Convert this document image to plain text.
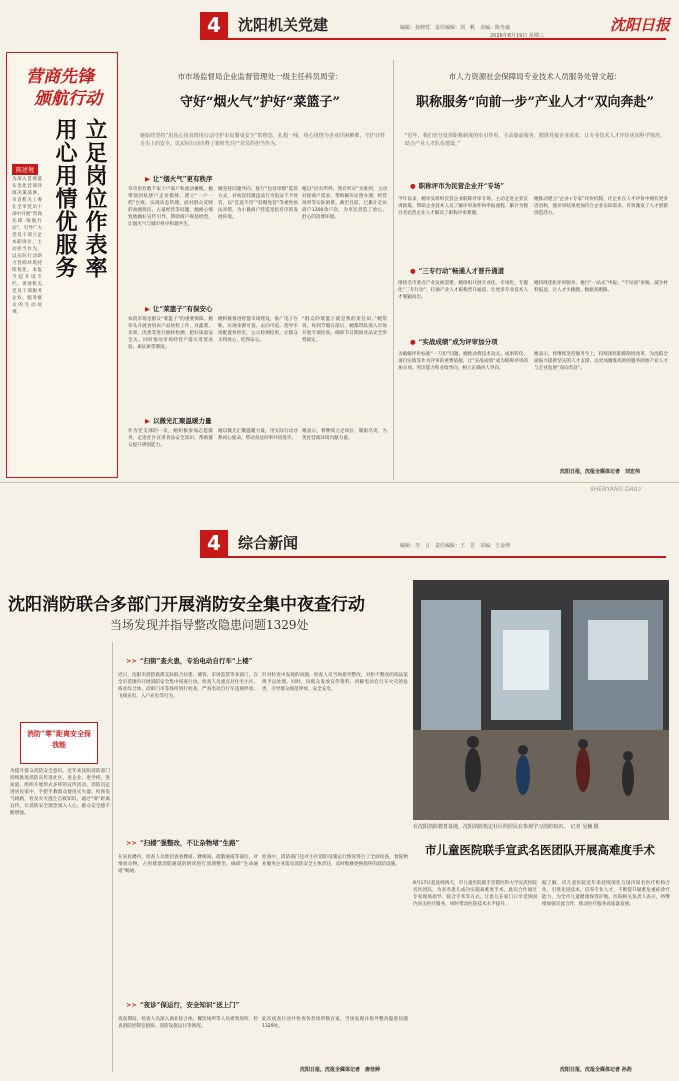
4	沈阳机关党建	编辑：孙晓莺　责任编辑：刘　帆　美编：陈冬瑜
2026年8月19日 星期三
沈阳日报
营商先锋
颁航行动
立足岗位作表率
用心用情优服务
陈述境
为深入贯彻落实优化营商环境决策部署，市直机关工委在全市党员干部中开展“营商先锋·领航行动”，引导广大党员干部立足本职岗位，主动担当作为，以实际行动助力营商环境持续优化。本报今起开设专栏，讲述机关党员干部服务企业、服务群众的生动故事。
市市场监督局企业监督管理处一级主任科员周莹：
守好“烟火气”护好“菜篮子”
她始终坚持“用真心用真情用行动守护市民餐桌安全”的理念，扎根一线，用心用情为企业纾困解难，守护百姓舌尖上的安全，以实际行动诠释了新时代共产党员的担当作为。
▶ 让“烟火气”更有秩序
早市里有数千家个户商户和流动摊贩，她带领团队逐户走访摸排，建立“一户一档”台账，实现动态管理。面对群众反映的油烟扰民、占道经营等问题，她耐心细致地做好宣传引导，帮助商户规范经营，让烟火气与城市秩序和谐共生。
她坚持问题导向，推行“包容审慎”监管方式，对初次轻微违法行为依法不予处罚，以“首违不罚”“轻微免罚”等柔性执法举措，为小微商户营造宽松有序的发展环境。
她以“民有所呼、我有所应”为准则，主动对接商户需求，帮助解决证照办理、经营场所等实际困难。截至目前，已累计走访商户1200余户次，为市民营造了放心、舒心的消费环境。
▶ 让“菜篮子”有保安心
农贸市场是群众“菜篮子”的重要保障。她牵头开展食用农产品快检工作，对蔬菜、水果、肉类等进行抽样检测，把好质量安全关。同时推动市场经营户落实进货查验、索证索票制度。
她积极推进智慧市场建设，推广电子台账，实现来源可查、去向可追。指导市场配置快检室，公示检测结果，让群众买得放心、吃得安心。
“群众的菜篮子就是我的责任田。”她常说。每到节假日前后，她都带队深入市场开展专项检查，确保节日期间食品安全形势稳定。
▶ 以微光汇聚温暖力量
作为党支部的一员，她积极参加志愿服务，走进社区宣讲食品安全知识，帮助群众提升辨别能力。
她以微光汇聚温暖力量，用实际行动诠释初心使命，带动身边同事共同进步。
她表示，将继续立足岗位、履职尽责，为优化营商环境贡献力量。
市人力资源社会保障局专业技术人员服务处曾文超：
职称服务“向前一步”产业人才“双向奔赴”
“近年，我们充分发挥职称制度的牵引作用，主动靠前服务，精准对接企业需求，让专业技术人才评价更加科学规范，助力产业人才队伍建设。”
● 职称评市为民营企业开“专场”
今年以来，她牵头组织民营企业职称评审专场，主动走进企业宣讲政策，帮助企业技术人员了解评审条件和申报流程，累计为数百名民营企业人才解决了职称评审难题。
她推动建立“企业+专家”评价机制，让企业在人才评价中拥有更多话语权，使评审结果更加符合企业实际需求，有效激发了人才创新创造活力。
● “三专行动”畅通人才晋升通道
围绕全市重点产业发展需要，她组织开展专业化、专场化、专题化“三专行动”，打通产业人才职称晋升通道，让更多专业技术人才脱颖而出。
她持续优化评审服务，推行“一站式”申报、“不见面”审核，减少材料报送，让人才少跑腿、数据多跑路。
● “实战成绩”成为评审加分项
为破解评价标准“一刀切”问题，她推动将技术攻关、成果转化、项目实绩等作为评审的重要依据，让“实战成绩”成为职称评审的加分项，突出能力和业绩导向，树立正确用人导向。
她表示，将继续坚持服务至上，持续深化职称制度改革，为沈阳全面振兴提供坚实的人才支撑，以更加精准高效的服务助推产业人才与企业发展“双向奔赴”。
沈阳日报，沈报全媒体记者　刘宏伟
SHENYANG DAILY
4	综合新闻	编辑：李　言　责任编辑：王　芳　美编：王金坤
沈阳消防联合多部门开展消防安全集中夜查行动
当场发现并指导整改隐患问题1329处
消防“零”距离安全保我能
为提升群众消防安全意识，近年来沈阳消防部门持续推进消防宣传进社区、进企业、进学校、进家庭，组织开展形式多样的宣传活动。消防员走进居民家中，手把手教群众使用灭火器、检查电气线路，普及火灾逃生自救知识。通过“零”距离宣传，让消防安全理念深入人心，群众安全感不断增强。
>> “扫街”查火患，专治电动自行车“上楼”
近日，沈阳市消防救援支队联合住建、城管、市场监管等多部门，在全市范围内开展消防安全集中夜查行动。检查人员重点对住宅小区、商业综合体、沿街门市等场所进行检查，严查电动自行车违规停放、飞线充电、入户充电等行为。
针对检查中发现的问题，检查人员当场指导整改，对拒不整改的依法依规予以处理。同时，向群众发放宣传资料，讲解电动自行车火灾的危害，引导群众规范停放、安全充电。
>> “扫楼”强整改，不让杂物堵“生路”
在居民楼内，检查人员逐层查看楼道、楼梯间、疏散通道等部位，对堆放杂物、占用堵塞消防通道的情况进行清理整治，确保“生命通道”畅通。
检查中，消防部门还对小区消防设施运行情况进行了全面检查，督促物业服务企业落实消防安全主体责任，及时维修更换损坏的消防设施。
>> “夜诊”保运行，安全知识“送上门”
夜查期间，检查人员深入商业综合体、餐饮场所等人员密集场所，检查消防控制室值班、消防设施运行等情况。
此次夜查行动共检查各类场所数百家，当场发现并指导整改隐患问题1329处。
沈阳日报，沈报全媒体记者　唐佳婷
在沈阳消防教育基地，沈阳消防指定社区的居民在参观学习消防知识。　记者 吴楠 摄
市儿童医院联手宣武名医团队开展高难度手术
8月17日起连续两天，市儿童医院联手首都医科大学宣武医院名医团队，为多名患儿成功实施高难度手术。此次合作通过专家现场指导、联合手术等方式，让患儿在家门口享受到国内顶尖医疗服务，同时带动医院技术水平提升。
据了解，市儿童医院近年来持续深化与国内知名医疗机构合作，引进先进技术，培养专业人才，不断提升疑难危重症诊疗能力，为全市儿童健康保驾护航。医院相关负责人表示，将继续加强交流合作，推动医疗服务高质量发展。
沈阳日报，沈报全媒体记者 孙浩
